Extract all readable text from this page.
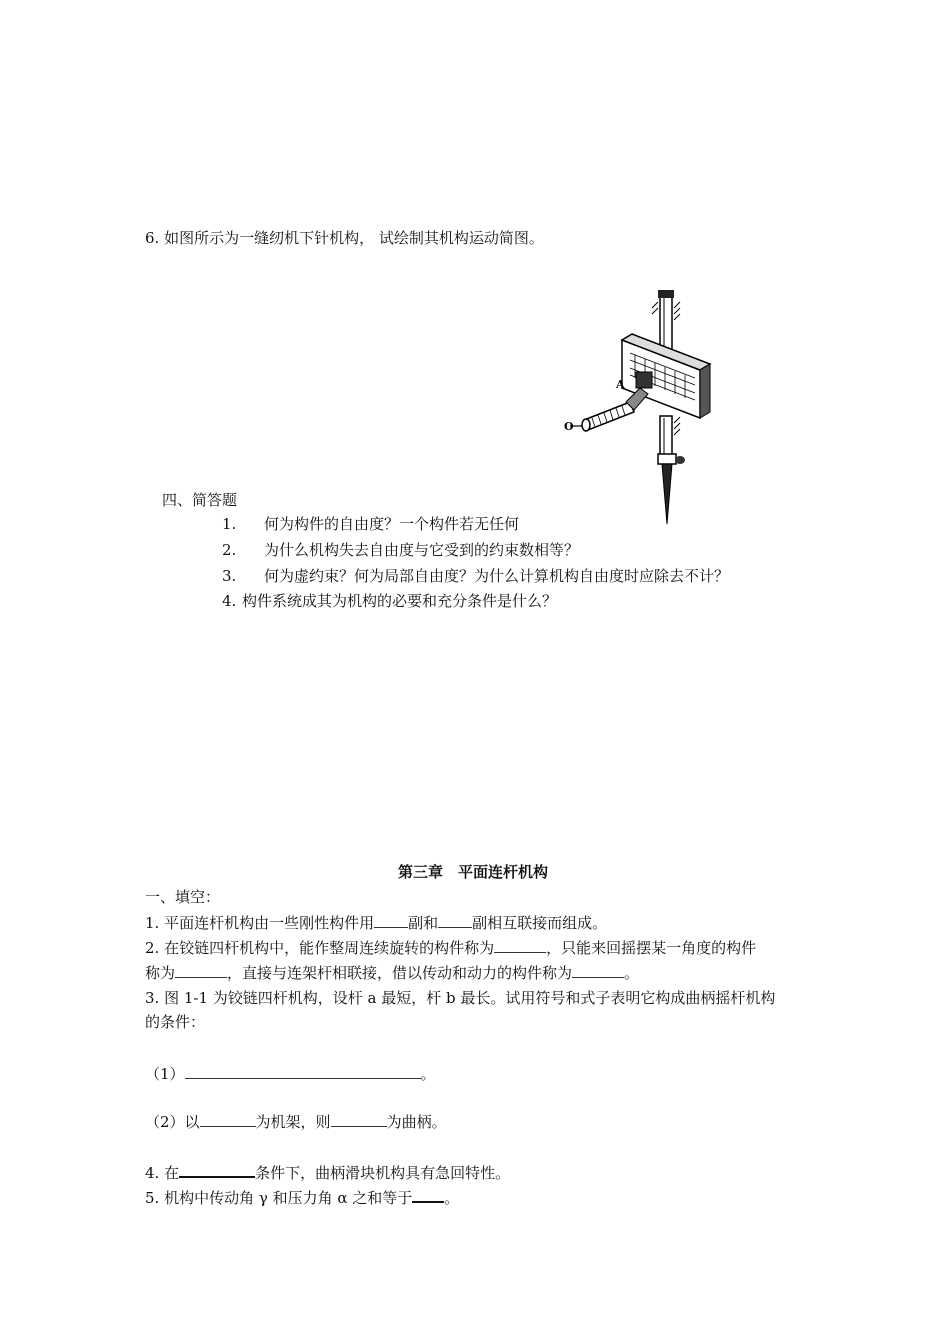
6. 如图所示为一缝纫机下针机构， 试绘制其机构运动简图。
A
O
四、简答题
1. 何为构件的自由度？一个构件若无任何
2. 为什么机构失去自由度与它受到的约束数相等？
3. 何为虚约束？何为局部自由度？为什么计算机构自由度时应除去不计？
4. 构件系统成其为机构的必要和充分条件是什么？
第三章　平面连杆机构
一、填空：
1. 平面连杆机构由一些刚性构件用 副和 副相互联接而组成。
2. 在铰链四杆机构中，能作整周连续旋转的构件称为	，只能来回摇摆某一角度的构件
称为	，直接与连架杆相联接，借以传动和动力的构件称为	。
3. 图 1-1 为铰链四杆机构，设杆 a 最短，杆 b 最长。试用符号和式子表明它构成曲柄摇杆机构
的条件：
（1）	。
（2）以	为机架，则	为曲柄。
4. 在	条件下，曲柄滑块机构具有急回特性。
5. 机构中传动角 γ 和压力角 α 之和等于 。
